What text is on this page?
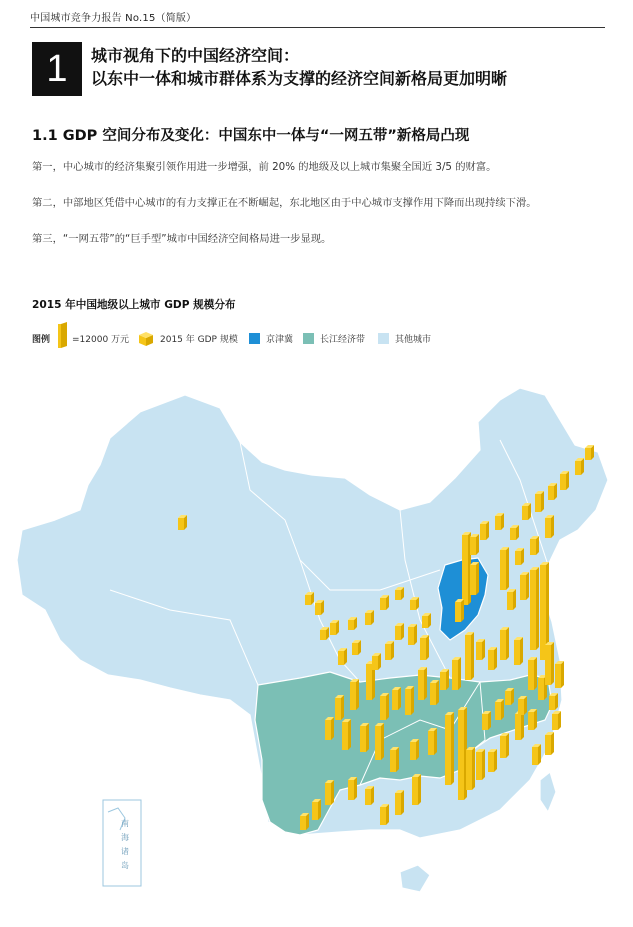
中国城市竞争力报告 No.15（简版）
1	城市视角下的中国经济空间：
以东中一体和城市群体系为支撑的经济空间新格局更加明晰
1.1 GDP 空间分布及变化：中国东中一体与“一网五带”新格局凸现
第一，中心城市的经济集聚引领作用进一步增强，前 20% 的地级及以上城市集聚全国近 3/5 的财富。
第二，中部地区凭借中心城市的有力支撑正在不断崛起，东北地区由于中心城市支撑作用下降而出现持续下滑。
第三，“一网五带”的“巨手型”城市中国经济空间格局进一步显现。
2015 年中国地级以上城市 GDP 规模分布
图例 =12000 万元	2015 年 GDP 规模	京津冀	长江经济带	其他城市
南
海
诸
岛
